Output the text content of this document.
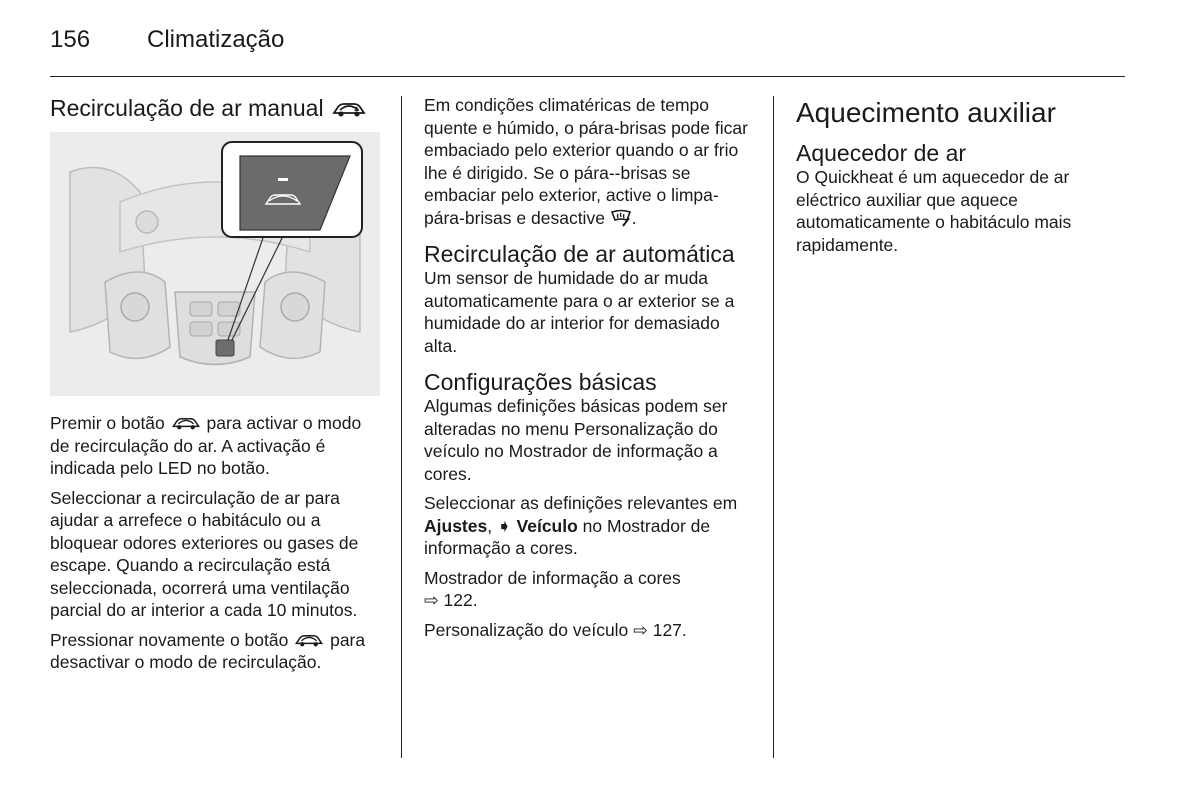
156 Climatização
Recirculação de ar manual

Premir o botão para activar o modo de recirculação do ar. A activação é indicada pelo LED no botão.

Seleccionar a recirculação de ar para ajudar a arrefece o habitáculo ou a bloquear odores exteriores ou gases de escape. Quando a recirculação está seleccionada, ocorrerá uma ventilação parcial do ar interior a cada 10 minutos.

Pressionar novamente o botão para desactivar o modo de recirculação.

Em condições climatéricas de tempo quente e húmido, o pára-brisas pode ficar embaciado pelo exterior quando o ar frio lhe é dirigido. Se o pára--brisas se embaciar pelo exterior, active o limpa-pára-brisas e desactive .

Recirculação de ar automática

Um sensor de humidade do ar muda automaticamente para o ar exterior se a humidade do ar interior for demasiado alta.

Configurações básicas

Algumas definições básicas podem ser alteradas no menu Personalização do veículo no Mostrador de informação a cores.

Seleccionar as definições relevantes em Ajustes, ➧ Veículo no Mostrador de informação a cores.

Mostrador de informação a cores
⇨ 122.

Personalização do veículo ⇨ 127.

Aquecimento auxiliar
Aquecedor de ar

O Quickheat é um aquecedor de ar eléctrico auxiliar que aquece automaticamente o habitáculo mais rapidamente.
